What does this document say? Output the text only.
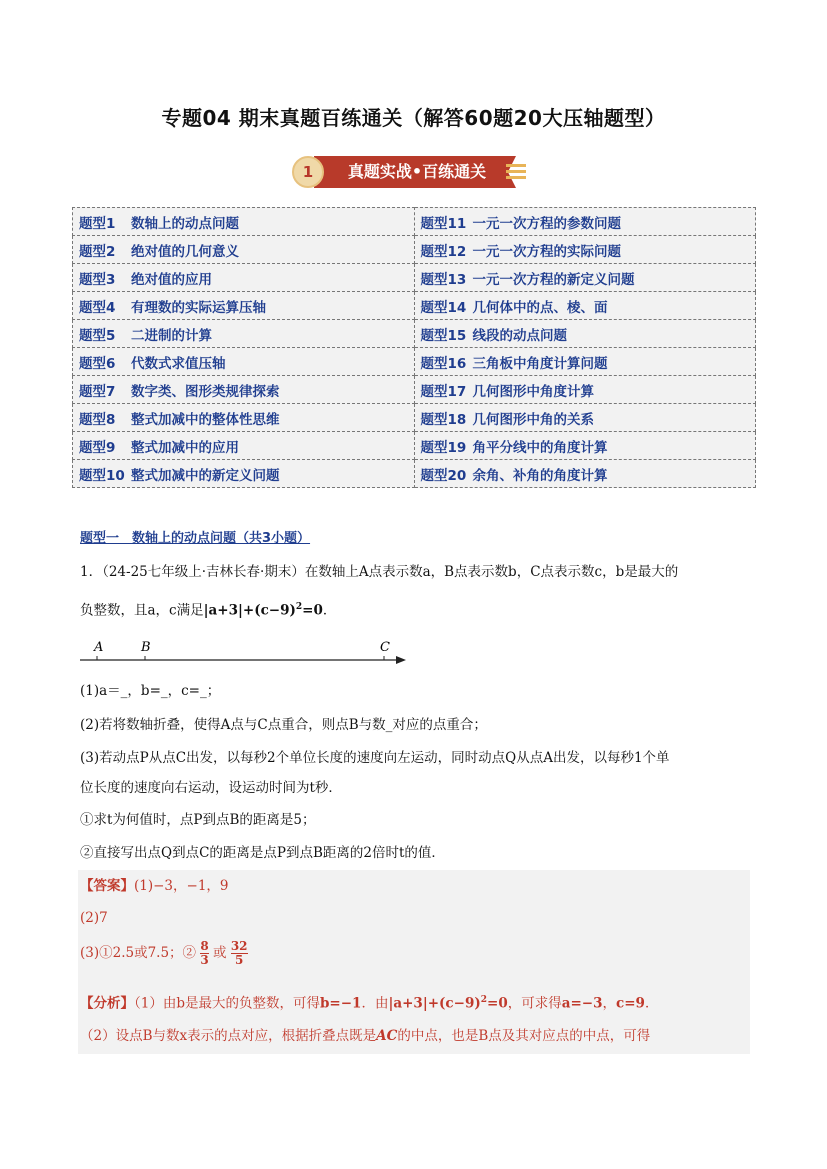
专题04 期末真题百练通关（解答60题20大压轴题型）
1	真题实战•百练通关
题型1 数轴上的动点问题	题型11 一元一次方程的参数问题
题型2 绝对值的几何意义	题型12 一元一次方程的实际问题
题型3 绝对值的应用	题型13 一元一次方程的新定义问题
题型4 有理数的实际运算压轴	题型14 几何体中的点、棱、面
题型5 二进制的计算	题型15 线段的动点问题
题型6 代数式求值压轴	题型16 三角板中角度计算问题
题型7 数字类、图形类规律探索	题型17 几何图形中角度计算
题型8 整式加减中的整体性思维	题型18 几何图形中角的关系
题型9 整式加减中的应用	题型19 角平分线中的角度计算
题型10 整式加减中的新定义问题	题型20 余角、补角的角度计算
题型一　数轴上的动点问题（共3小题）
1．（24-25七年级上·吉林长春·期末）在数轴上A点表示数a，B点表示数b，C点表示数c，b是最大的
负整数，且a，c满足$|a+3|+(c-9)^2=0$．
A	B	C
(1)a＝_，b=_，c=_；
(2)若将数轴折叠，使得A点与C点重合，则点B与数_对应的点重合；
(3)若动点P从点C出发，以每秒2个单位长度的速度向左运动，同时动点Q从点A出发，以每秒1个单
位长度的速度向右运动，设运动时间为t秒．
①求t为何值时，点P到点B的距离是5；
②直接写出点Q到点C的距离是点P到点B距离的2倍时t的值．
【答案】(1)−3，−1，9
(2)7
(3)①2.5或7.5；② $\frac{8}{3}$ 或 $\frac{32}{5}$
【分析】（1）由b是最大的负整数，可得b=−1．由$|a+3|+(c-9)^2=0$，可求得a=−3，c=9．
（2）设点B与数x表示的点对应，根据折叠点既是AC的中点，也是B点及其对应点的中点，可得
